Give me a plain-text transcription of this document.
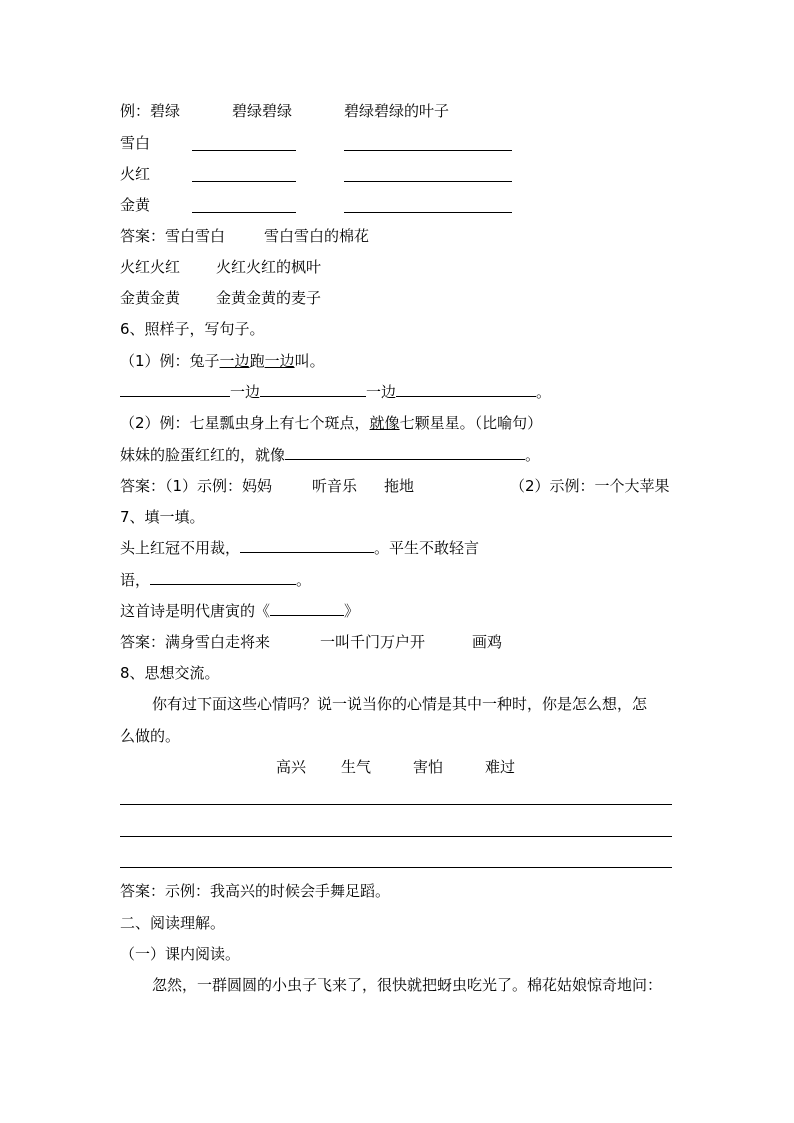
例：碧绿	碧绿碧绿	碧绿碧绿的叶子
雪白
火红
金黄
答案：雪白雪白	雪白雪白的棉花
火红火红 火红火红的枫叶
金黄金黄 金黄金黄的麦子
6、照样子，写句子。
（1）例：兔子一边跑一边叫。
一边	一边	。
（2）例：七星瓢虫身上有七个斑点，就像七颗星星。（比喻句）
妹妹的脸蛋红红的，就像	。
答案：（1）示例：妈妈	听音乐 拖地	（2）示例：一个大苹果
7、填一填。
头上红冠不用裁，	。平生不敢轻言
语，	。
这首诗是明代唐寅的《	》
答案：满身雪白走将来	一叫千门万户开	画鸡
8、思想交流。
你有过下面这些心情吗？说一说当你的心情是其中一种时，你是怎么想，怎
么做的。
高兴 生气	害怕	难过
答案：示例：我高兴的时候会手舞足蹈。
二、阅读理解。
（一）课内阅读。
忽然，一群圆圆的小虫子飞来了，很快就把蚜虫吃光了。棉花姑娘惊奇地问：
